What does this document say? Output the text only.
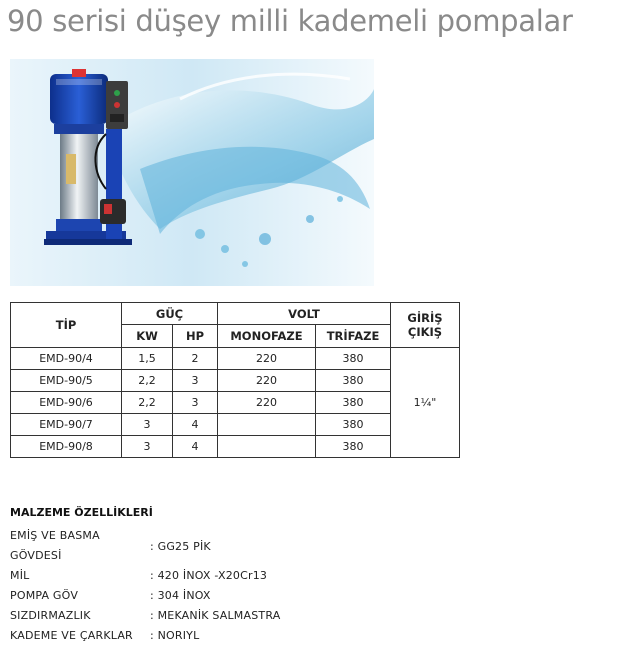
90 serisi düşey milli kademeli pompalar
TİP	GÜÇ		VOLT		GİRİŞ ÇIKIŞ
	KW	HP	MONOFAZE	TRİFAZE	
EMD-90/4	1,5	2	220	380	1¼"
EMD-90/5	2,2	3	220	380	
EMD-90/6	2,2	3	220	380	
EMD-90/7	3	4		380	
EMD-90/8	3	4		380	
MALZEME ÖZELLİKLERİ
EMİŞ VE BASMA
GÖVDESİ
: GG25 PİK
MİL	: 420 İNOX -X20Cr13
POMPA GÖV	: 304 İNOX
SIZDIRMAZLIK	: MEKANİK SALMASTRA
KADEME VE ÇARKLAR : NORIYL
